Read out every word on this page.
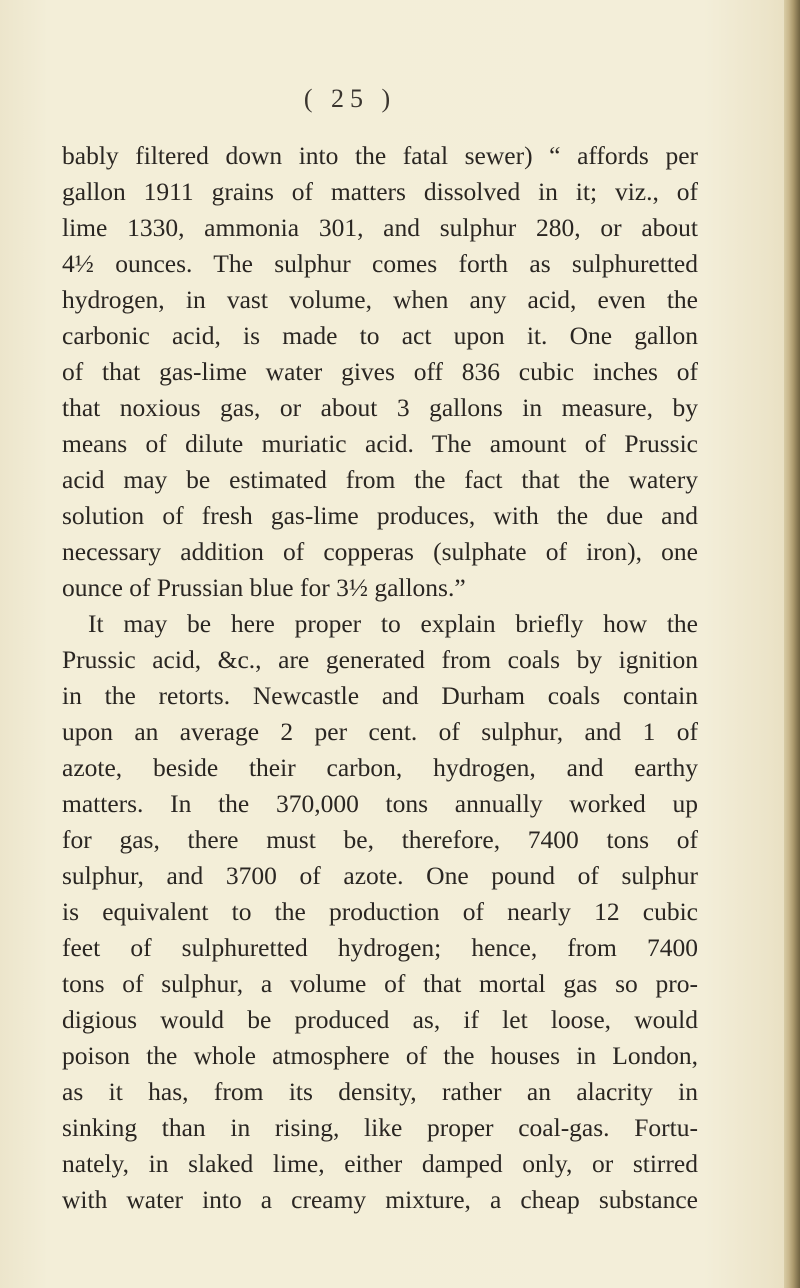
( 25 )
bably filtered down into the fatal sewer) “ affords per
gallon 1911 grains of matters dissolved in it; viz., of
lime 1330, ammonia 301, and sulphur 280, or about
4½ ounces. The sulphur comes forth as sulphuretted
hydrogen, in vast volume, when any acid, even the
carbonic acid, is made to act upon it. One gallon
of that gas-lime water gives off 836 cubic inches of
that noxious gas, or about 3 gallons in measure, by
means of dilute muriatic acid. The amount of Prussic
acid may be estimated from the fact that the watery
solution of fresh gas-lime produces, with the due and
necessary addition of copperas (sulphate of iron), one
ounce of Prussian blue for 3½ gallons.”
It may be here proper to explain briefly how the
Prussic acid, &c., are generated from coals by ignition
in the retorts. Newcastle and Durham coals contain
upon an average 2 per cent. of sulphur, and 1 of
azote, beside their carbon, hydrogen, and earthy
matters. In the 370,000 tons annually worked up
for gas, there must be, therefore, 7400 tons of
sulphur, and 3700 of azote. One pound of sulphur
is equivalent to the production of nearly 12 cubic
feet of sulphuretted hydrogen; hence, from 7400
tons of sulphur, a volume of that mortal gas so pro-
digious would be produced as, if let loose, would
poison the whole atmosphere of the houses in London,
as it has, from its density, rather an alacrity in
sinking than in rising, like proper coal-gas. Fortu-
nately, in slaked lime, either damped only, or stirred
with water into a creamy mixture, a cheap substance
